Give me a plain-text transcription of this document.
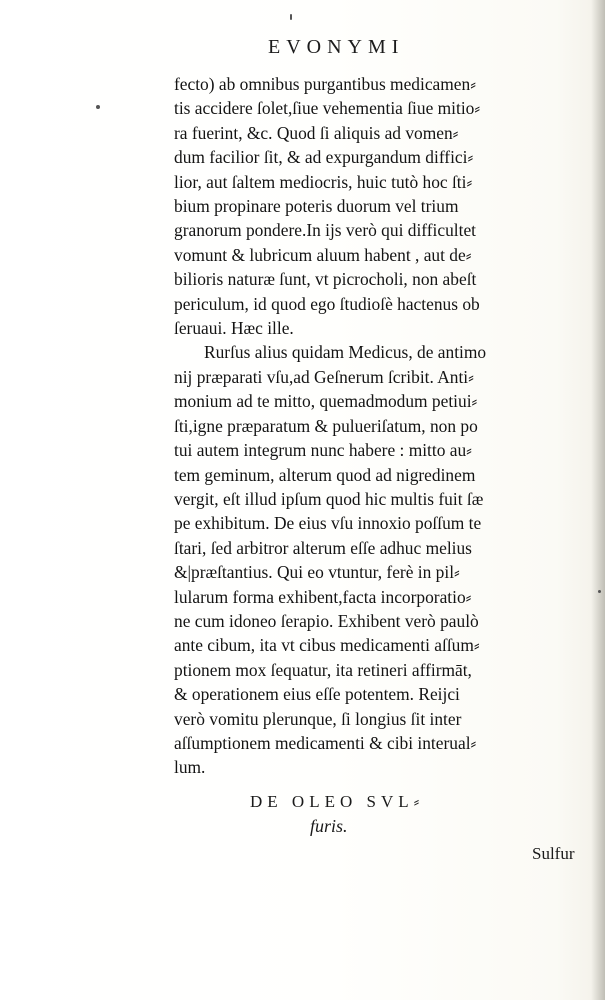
EVONYMI
fecto) ab omnibus purgantibus medicamen⸗
tis accidere ſolet,ſiue vehementia ſiue mitio⸗
ra fuerint, &c. Quod ſi aliquis ad vomen⸗
dum facilior ſit, & ad expurgandum diffici⸗
lior, aut ſaltem mediocris, huic tutò hoc ſti⸗
bium propinare poteris duorum vel trium
granorum pondere.In ijs verò qui difficultet
vomunt & lubricum aluum habent , aut de⸗
bilioris naturæ ſunt, vt picrocholi, non abeſt
periculum, id quod ego ſtudioſè hactenus ob
ſeruaui. Hæc ille.
Rurſus alius quidam Medicus, de antimo
nij præparati vſu,ad Geſnerum ſcribit. Anti⸗
monium ad te mitto, quemadmodum petiui⸗
ſti,igne præparatum & pulueriſatum, non po
tui autem integrum nunc habere : mitto au⸗
tem geminum, alterum quod ad nigredinem
vergit, eſt illud ipſum quod hic multis fuit ſæ
pe exhibitum. De eius vſu innoxio poſſum te
ſtari, ſed arbitror alterum eſſe adhuc melius
&|præſtantius. Qui eo vtuntur, ferè in pil⸗
lularum forma exhibent,facta incorporatio⸗
ne cum idoneo ſerapio. Exhibent verò paulò
ante cibum, ita vt cibus medicamenti aſſum⸗
ptionem mox ſequatur, ita retineri affirmāt,
& operationem eius eſſe potentem. Reijci
verò vomitu plerunque, ſi longius ſit inter
aſſumptionem medicamenti & cibi interual⸗
lum.
DE OLEO SVL⸗
furis.
Sulfur
